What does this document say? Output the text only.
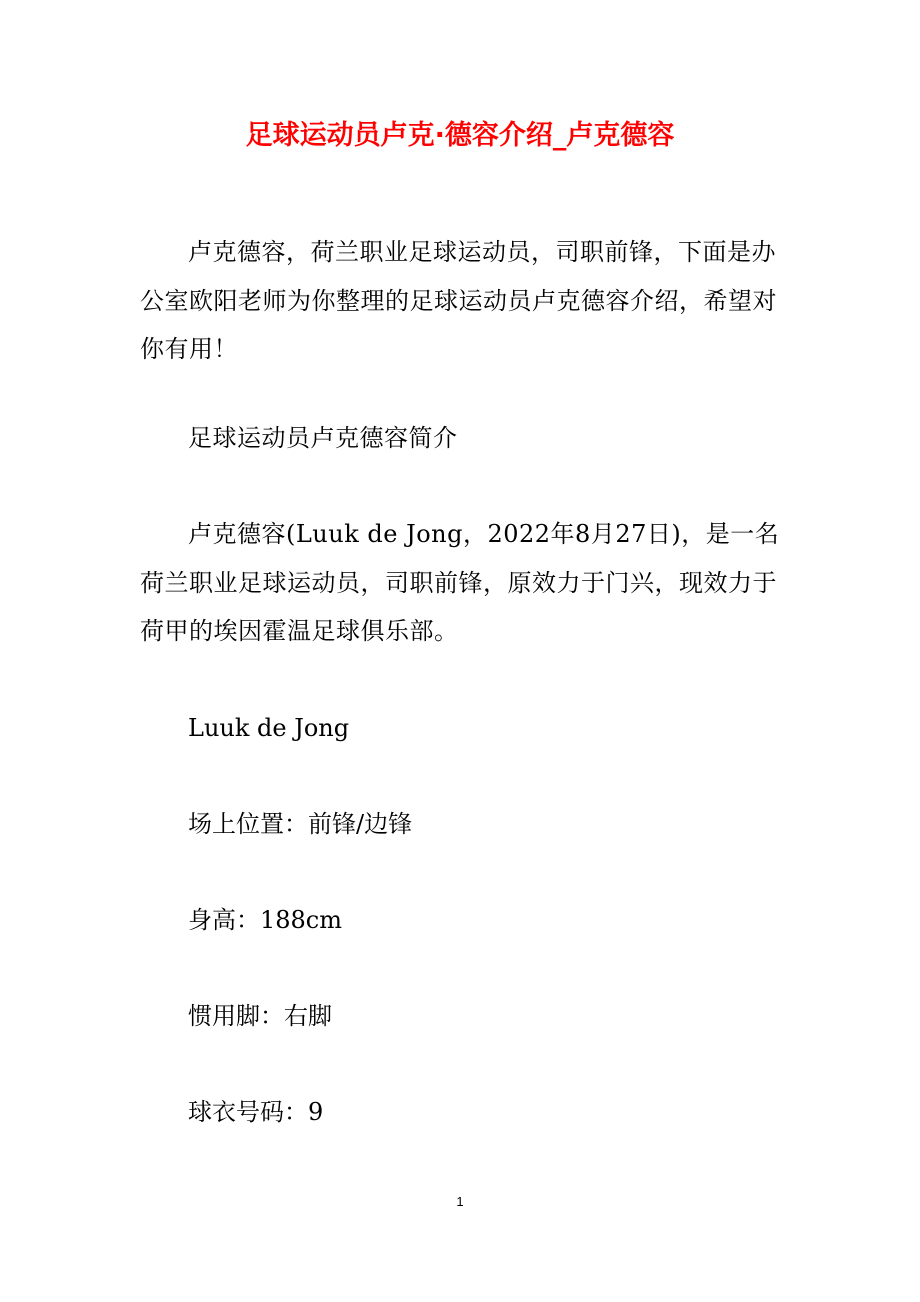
足球运动员卢克·德容介绍_卢克德容

卢克德容，荷兰职业足球运动员，司职前锋，下面是办公室欧阳老师为你整理的足球运动员卢克德容介绍，希望对你有用！

足球运动员卢克德容简介

卢克德容(Luuk de Jong，2022年8月27日)，是一名荷兰职业足球运动员，司职前锋，原效力于门兴，现效力于荷甲的埃因霍温足球俱乐部。

Luuk de Jong

场上位置：前锋/边锋

身高：188cm

惯用脚：右脚

球衣号码：9

1
